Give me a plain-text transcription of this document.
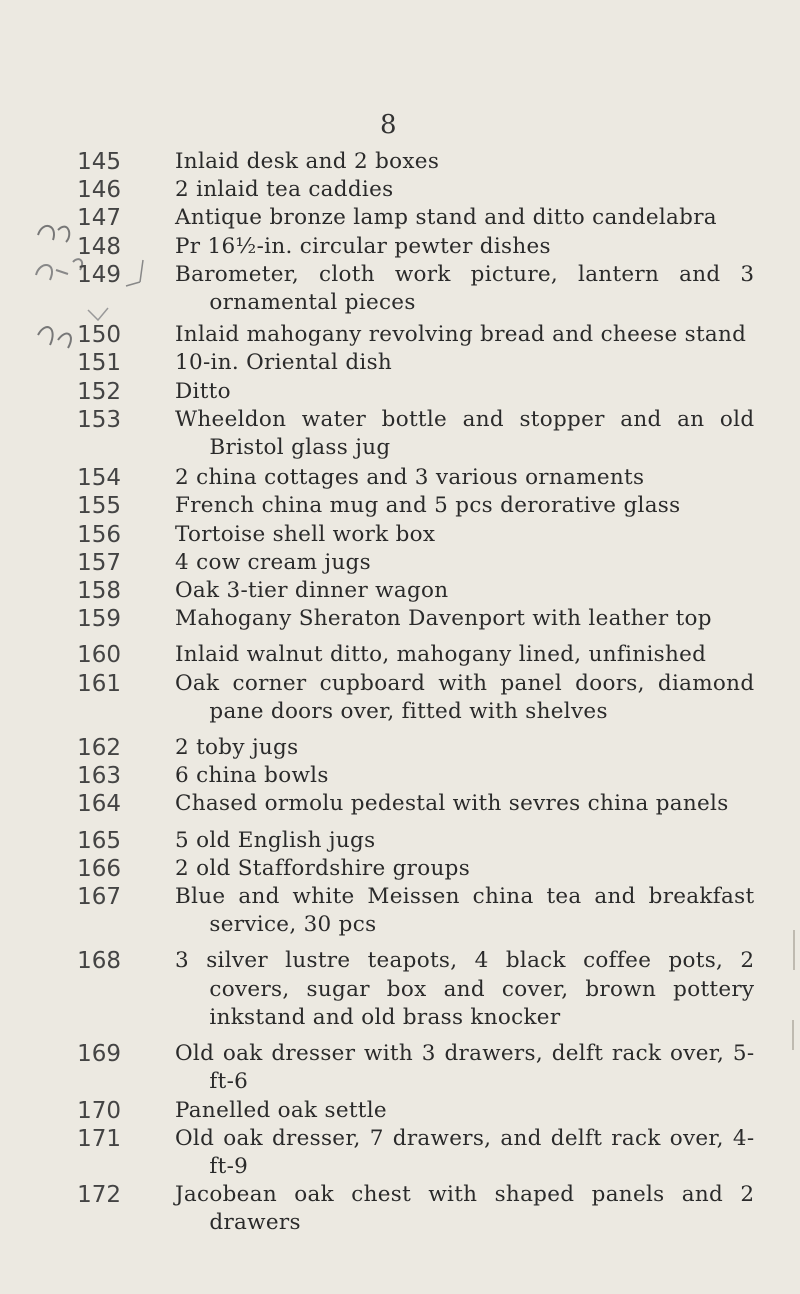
8
145	Inlaid desk and 2 boxes
146	2 inlaid tea caddies
147	Antique bronze lamp stand and ditto candelabra
148	Pr 16½-in. circular pewter dishes
149	Barometer, cloth work picture, lantern and 3 ornamental pieces
150	Inlaid mahogany revolving bread and cheese stand
151	10-in. Oriental dish
152	Ditto
153	Wheeldon water bottle and stopper and an old Bristol glass jug
154	2 china cottages and 3 various ornaments
155	French china mug and 5 pcs derorative glass
156	Tortoise shell work box
157	4 cow cream jugs
158	Oak 3-tier dinner wagon
159	Mahogany Sheraton Davenport with leather top
160	Inlaid walnut ditto, mahogany lined, unfinished
161	Oak corner cupboard with panel doors, diamond pane doors over, fitted with shelves
162	2 toby jugs
163	6 china bowls
164	Chased ormolu pedestal with sevres china panels
165	5 old English jugs
166	2 old Staffordshire groups
167	Blue and white Meissen china tea and breakfast service, 30 pcs
168	3 silver lustre teapots, 4 black coffee pots, 2 covers, sugar box and cover, brown pottery inkstand and old brass knocker
169	Old oak dresser with 3 drawers, delft rack over, 5-ft-6
170	Panelled oak settle
171	Old oak dresser, 7 drawers, and delft rack over, 4-ft-9
172	Jacobean oak chest with shaped panels and 2 drawers
